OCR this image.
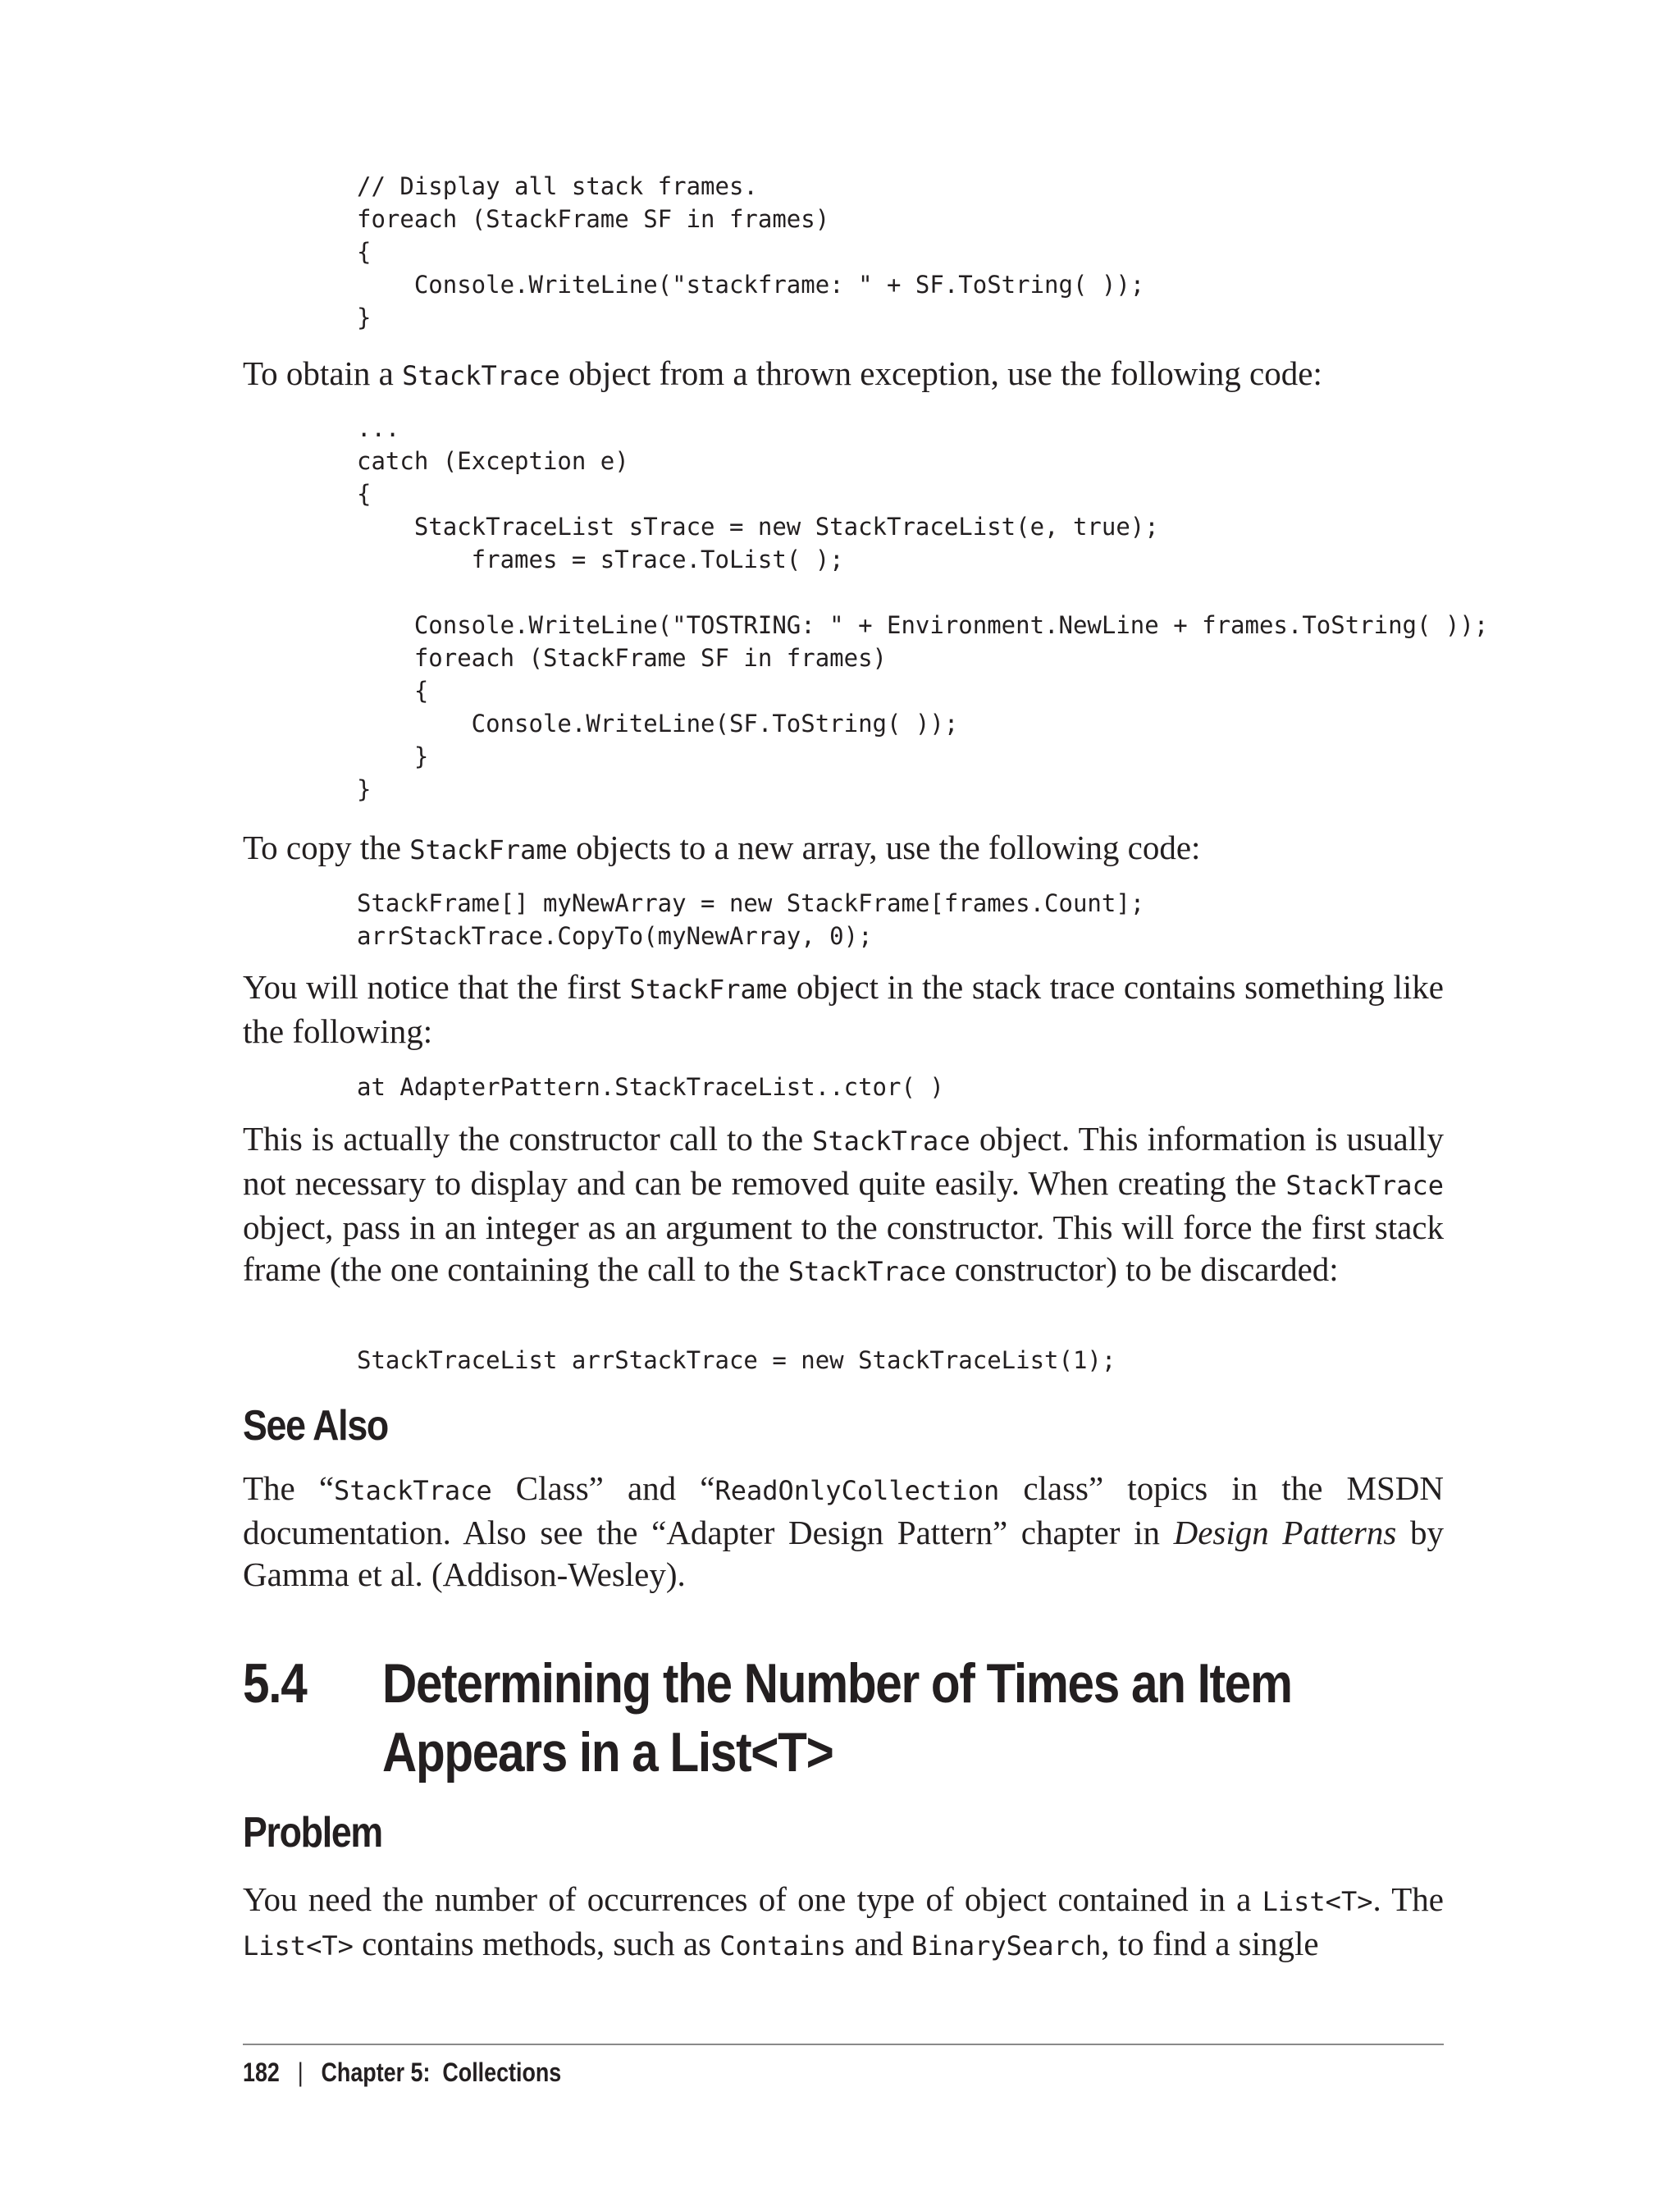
// Display all stack frames.
foreach (StackFrame SF in frames)
{
Console.WriteLine("stackframe: " + SF.ToString( ));
}

To obtain a StackTrace object from a thrown exception, use the following code:

...
catch (Exception e)
{
StackTraceList sTrace = new StackTraceList(e, true);
frames = sTrace.ToList( );

Console.WriteLine("TOSTRING: " + Environment.NewLine + frames.ToString( ));
foreach (StackFrame SF in frames)
{
Console.WriteLine(SF.ToString( ));
}
}

To copy the StackFrame objects to a new array, use the following code:

StackFrame[] myNewArray = new StackFrame[frames.Count];
arrStackTrace.CopyTo(myNewArray, 0);

You will notice that the first StackFrame object in the stack trace contains something like the following:

at AdapterPattern.StackTraceList..ctor( )

This is actually the constructor call to the StackTrace object. This information is usually not necessary to display and can be removed quite easily. When creating the StackTrace object, pass in an integer as an argument to the constructor. This will force the first stack frame (the one containing the call to the StackTrace constructor) to be discarded:

StackTraceList arrStackTrace = new StackTraceList(1);
See Also

The “StackTrace Class” and “ReadOnlyCollection class” topics in the MSDN documentation. Also see the “Adapter Design Pattern” chapter in Design Patterns by Gamma et al. (Addison-Wesley).

5.4 Determining the Number of Times an Item
Appears in a List<T>
Problem

You need the number of occurrences of one type of object contained in a List<T>. The List<T> contains methods, such as Contains and BinarySearch, to find a single

182 | Chapter 5:  Collections
